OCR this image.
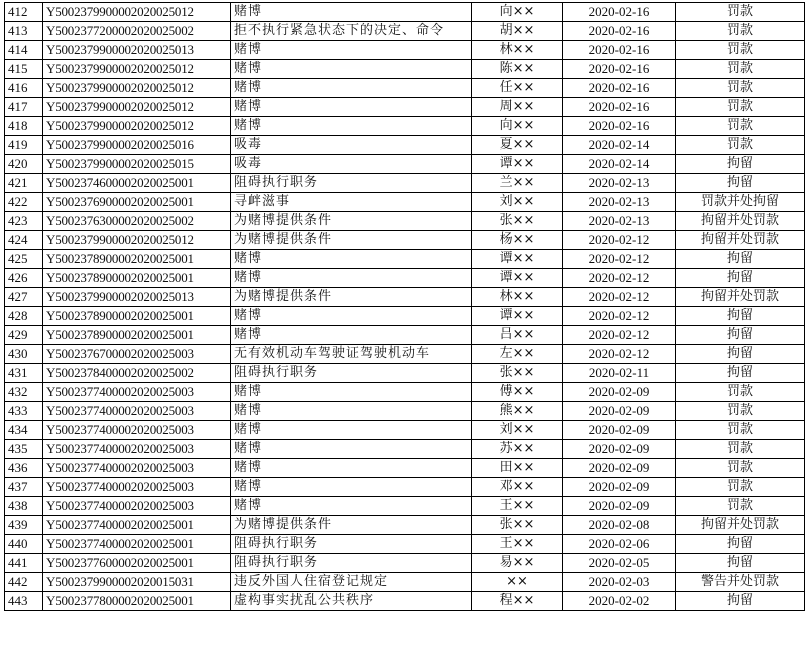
412	Y5002379900002020025012	赌博	向××	2020-02-16	罚款
413	Y5002377200002020025002	拒不执行紧急状态下的决定、命令	胡××	2020-02-16	罚款
414	Y5002379900002020025013	赌博	林××	2020-02-16	罚款
415	Y5002379900002020025012	赌博	陈××	2020-02-16	罚款
416	Y5002379900002020025012	赌博	任××	2020-02-16	罚款
417	Y5002379900002020025012	赌博	周××	2020-02-16	罚款
418	Y5002379900002020025012	赌博	向××	2020-02-16	罚款
419	Y5002379900002020025016	吸毒	夏××	2020-02-14	罚款
420	Y5002379900002020025015	吸毒	谭××	2020-02-14	拘留
421	Y5002374600002020025001	阻碍执行职务	兰××	2020-02-13	拘留
422	Y5002376900002020025001	寻衅滋事	刘××	2020-02-13	罚款并处拘留
423	Y5002376300002020025002	为赌博提供条件	张××	2020-02-13	拘留并处罚款
424	Y5002379900002020025012	为赌博提供条件	杨××	2020-02-12	拘留并处罚款
425	Y5002378900002020025001	赌博	谭××	2020-02-12	拘留
426	Y5002378900002020025001	赌博	谭××	2020-02-12	拘留
427	Y5002379900002020025013	为赌博提供条件	林××	2020-02-12	拘留并处罚款
428	Y5002378900002020025001	赌博	谭××	2020-02-12	拘留
429	Y5002378900002020025001	赌博	吕××	2020-02-12	拘留
430	Y5002376700002020025003	无有效机动车驾驶证驾驶机动车	左××	2020-02-12	拘留
431	Y5002378400002020025002	阻碍执行职务	张××	2020-02-11	拘留
432	Y5002377400002020025003	赌博	傅××	2020-02-09	罚款
433	Y5002377400002020025003	赌博	熊××	2020-02-09	罚款
434	Y5002377400002020025003	赌博	刘××	2020-02-09	罚款
435	Y5002377400002020025003	赌博	苏××	2020-02-09	罚款
436	Y5002377400002020025003	赌博	田××	2020-02-09	罚款
437	Y5002377400002020025003	赌博	邓××	2020-02-09	罚款
438	Y5002377400002020025003	赌博	王××	2020-02-09	罚款
439	Y5002377400002020025001	为赌博提供条件	张××	2020-02-08	拘留并处罚款
440	Y5002377400002020025001	阻碍执行职务	王××	2020-02-06	拘留
441	Y5002377600002020025001	阻碍执行职务	易××	2020-02-05	拘留
442	Y5002379900002020015031	违反外国人住宿登记规定	××	2020-02-03	警告并处罚款
443	Y5002377800002020025001	虚构事实扰乱公共秩序	程××	2020-02-02	拘留
